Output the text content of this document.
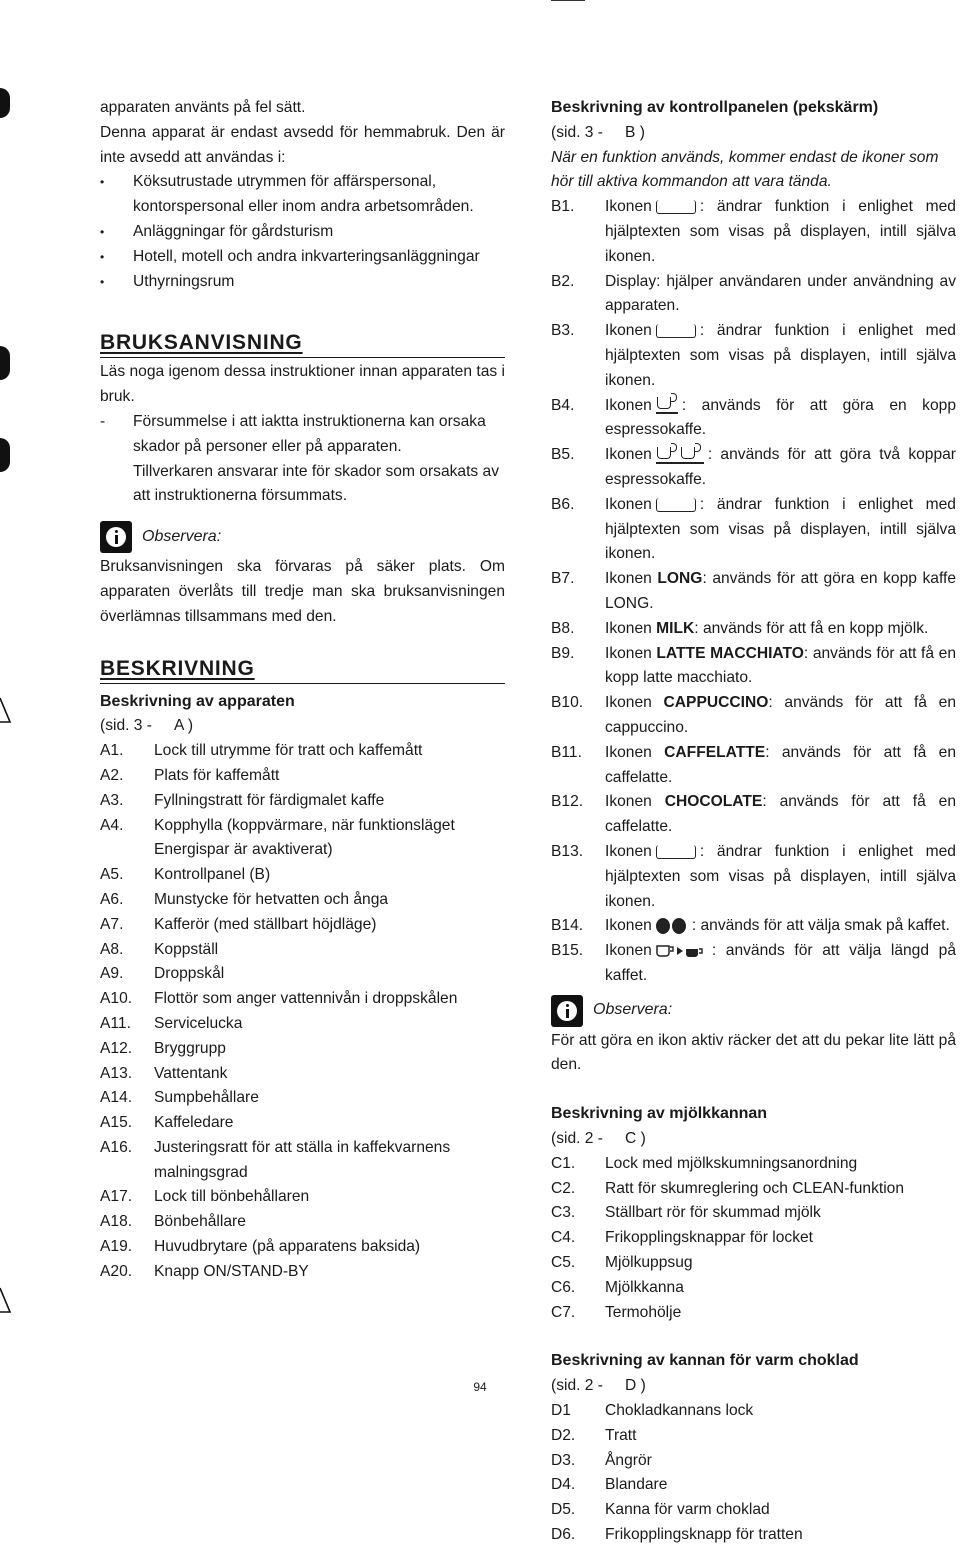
apparaten använts på fel sätt.

Denna apparat är endast avsedd för hemmabruk. Den är inte avsedd att användas i:

• Köksutrustade utrymmen för affärspersonal, kontorspersonal eller inom andra arbetsområden.
• Anläggningar för gårdsturism
• Hotell, motell och andra inkvarteringsanläggningar
• Uthyrningsrum
BRUKSANVISNING

Läs noga igenom dessa instruktioner innan apparaten tas i bruk.

- Försummelse i att iaktta instruktionerna kan orsaka skador på personer eller på apparaten.

Tillverkaren ansvarar inte för skador som orsakats av att instruktionerna försummats.

Observera:

Bruksanvisningen ska förvaras på säker plats. Om apparaten överlåts till tredje man ska bruksanvisningen överlämnas tillsammans med den.

BESKRIVNING

Beskrivning av apparaten

(sid. 3 - A )
A1.	Lock till utrymme för tratt och kaffemått
A2.	Plats för kaffemått
A3.	Fyllningstratt för färdigmalet kaffe
A4.	Kopphylla (koppvärmare, när funktionsläget Energispar är avaktiverat)
A5.	Kontrollpanel (B)
A6.	Munstycke för hetvatten och ånga
A7.	Kafferör (med ställbart höjdläge)
A8.	Koppställ
A9.	Droppskål
A10.	Flottör som anger vattennivån i droppskålen
A11.	Servicelucka
A12.	Bryggrupp
A13.	Vattentank
A14.	Sumpbehållare
A15.	Kaffeledare
A16.	Justeringsratt för att ställa in kaffekvarnens malningsgrad
A17.	Lock till bönbehållaren
A18.	Bönbehållare
A19.	Huvudbrytare (på apparatens baksida)
A20.	Knapp ON/STAND-BY

Beskrivning av kontrollpanelen (pekskärm)

(sid. 3 - B )

När en funktion används, kommer endast de ikoner som hör till aktiva kommandon att vara tända.

B1.	Ikonen	: ändrar funktion i enlighet med hjälptexten som visas på displayen, intill själva ikonen.
B2.	Display: hjälper användaren under användning av apparaten.
B3.	Ikonen	: ändrar funktion i enlighet med hjälptexten som visas på displayen, intill själva ikonen.
B4.	Ikonen : används för att göra en kopp espressokaffe.
B5.	Ikonen	: används för att göra två koppar espressokaffe.
B6.	Ikonen	: ändrar funktion i enlighet med hjälptexten som visas på displayen, intill själva ikonen.
B7.	Ikonen LONG: används för att göra en kopp kaffe LONG.
B8.	Ikonen MILK: används för att få en kopp mjölk.
B9.	Ikonen LATTE MACCHIATO: används för att få en kopp latte macchiato.
B10.	Ikonen CAPPUCCINO: används för att få en cappuccino.
B11.	Ikonen CAFFELATTE: används för att få en caffelatte.
B12.	Ikonen CHOCOLATE: används för att få en caffelatte.
B13.	Ikonen	: ändrar funktion i enlighet med hjälptexten som visas på displayen, intill själva ikonen.
B14.	Ikonen	: används för att välja smak på kaffet.
B15.	Ikonen	: används för att välja längd på kaffet.
Observera:

För att göra en ikon aktiv räcker det att du pekar lite lätt på den.

Beskrivning av mjölkkannan

(sid. 2 - C )
C1.	Lock med mjölkskumningsanordning
C2.	Ratt för skumreglering och CLEAN-funktion
C3.	Ställbart rör för skummad mjölk
C4.	Frikopplingsknappar för locket
C5.	Mjölkuppsug
C6.	Mjölkkanna
C7.	Termohölje

Beskrivning av kannan för varm choklad

(sid. 2 - D )
D1	Chokladkannans lock
D2.	Tratt
D3.	Ångrör
D4.	Blandare
D5.	Kanna för varm choklad
D6.	Frikopplingsknapp för tratten
94
